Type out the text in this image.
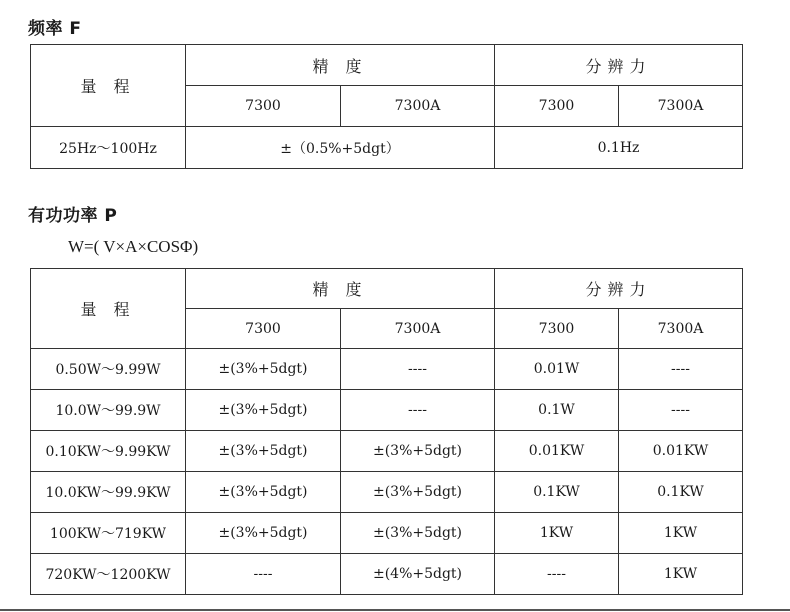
频率 F
量 程	精 度		分辨力	
	7300	7300A	7300	7300A
25Hz～100Hz	±（0.5%+5dgt）		0.1Hz	
有功功率 P
W=( V×A×COSΦ)
量 程	精 度		分辨力	
	7300	7300A	7300	7300A
0.50W～9.99W	±(3%+5dgt)	----	0.01W	----
10.0W～99.9W	±(3%+5dgt)	----	0.1W	----
0.10KW～9.99KW	±(3%+5dgt)	±(3%+5dgt)	0.01KW	0.01KW
10.0KW～99.9KW	±(3%+5dgt)	±(3%+5dgt)	0.1KW	0.1KW
100KW～719KW	±(3%+5dgt)	±(3%+5dgt)	1KW	1KW
720KW～1200KW	----	±(4%+5dgt)	----	1KW
